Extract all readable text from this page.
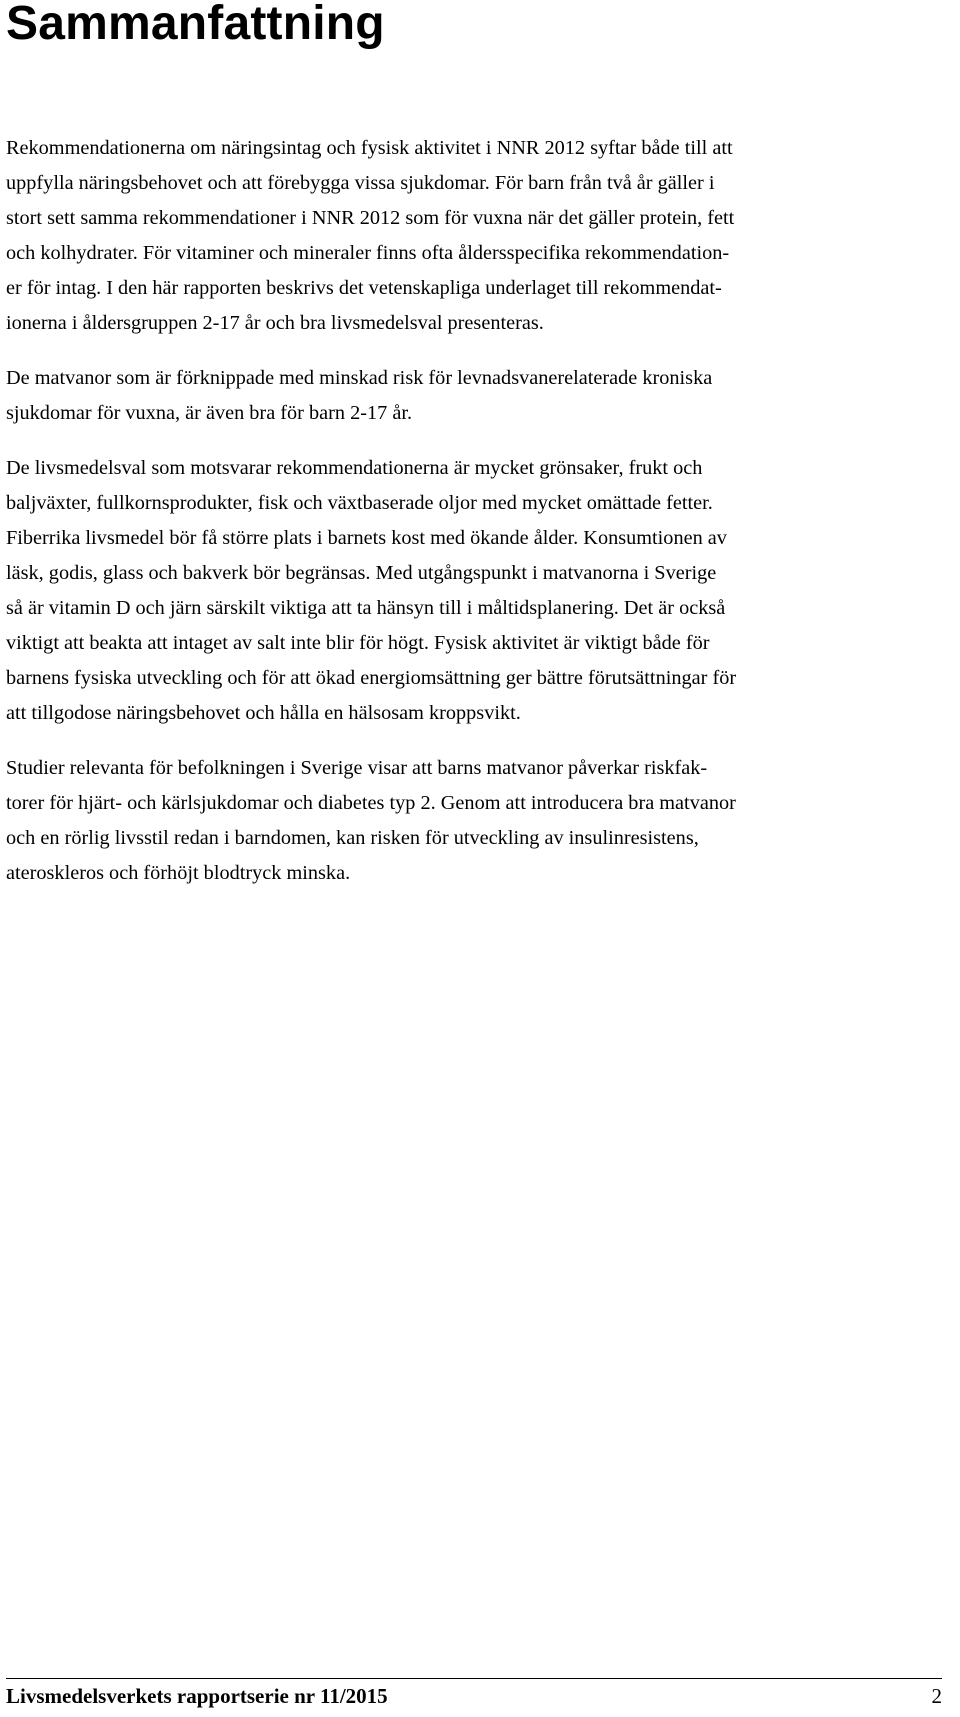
Sammanfattning

Rekommendationerna om näringsintag och fysisk aktivitet i NNR 2012 syftar både till att
uppfylla näringsbehovet och att förebygga vissa sjukdomar. För barn från två år gäller i
stort sett samma rekommendationer i NNR 2012 som för vuxna när det gäller protein, fett
och kolhydrater. För vitaminer och mineraler finns ofta åldersspecifika rekommendation-
er för intag. I den här rapporten beskrivs det vetenskapliga underlaget till rekommendat-
ionerna i åldersgruppen 2-17 år och bra livsmedelsval presenteras.

De matvanor som är förknippade med minskad risk för levnadsvanerelaterade kroniska
sjukdomar för vuxna, är även bra för barn 2-17 år.

De livsmedelsval som motsvarar rekommendationerna är mycket grönsaker, frukt och
baljväxter, fullkornsprodukter, fisk och växtbaserade oljor med mycket omättade fetter.
Fiberrika livsmedel bör få större plats i barnets kost med ökande ålder. Konsumtionen av
läsk, godis, glass och bakverk bör begränsas. Med utgångspunkt i matvanorna i Sverige
så är vitamin D och järn särskilt viktiga att ta hänsyn till i måltidsplanering. Det är också
viktigt att beakta att intaget av salt inte blir för högt. Fysisk aktivitet är viktigt både för
barnens fysiska utveckling och för att ökad energiomsättning ger bättre förutsättningar för
att tillgodose näringsbehovet och hålla en hälsosam kroppsvikt.

Studier relevanta för befolkningen i Sverige visar att barns matvanor påverkar riskfak-
torer för hjärt- och kärlsjukdomar och diabetes typ 2. Genom att introducera bra matvanor
och en rörlig livsstil redan i barndomen, kan risken för utveckling av insulinresistens,
ateroskleros och förhöjt blodtryck minska.

Livsmedelsverkets rapportserie nr 11/2015	2
